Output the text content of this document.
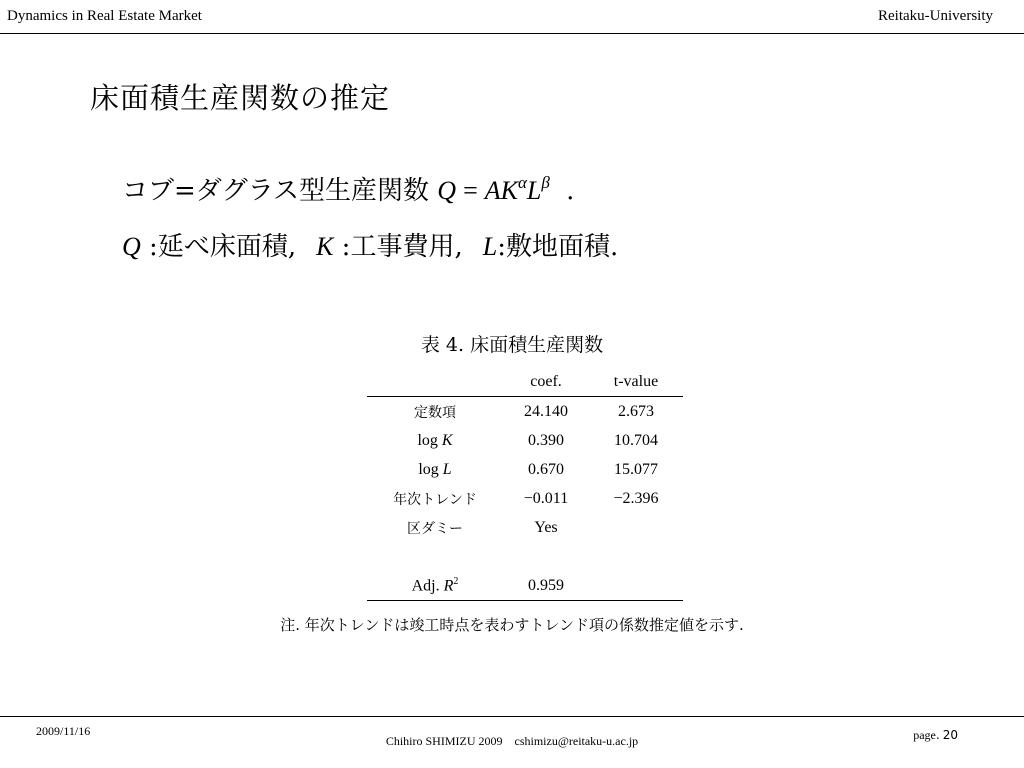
Dynamics in Real Estate Market	Reitaku-University
床面積生産関数の推定
コブ=ダグラス型生産関数 $Q = AK^\alpha L^\beta$ .
Q :延べ床面積, K :工事費用, L:敷地面積.
表 4. 床面積生産関数
	coef.	t-value
定数項	24.140	2.673
log K	0.390	10.704
log L	0.670	15.077
年次トレンド	−0.011	−2.396
区ダミー	Yes	

Adj. $R^2$	0.959	
注. 年次トレンドは竣工時点を表わすトレンド項の係数推定値を示す.
2009/11/16
Chihiro SHIMIZU 2009　cshimizu@reitaku-u.ac.jp	page. 20
